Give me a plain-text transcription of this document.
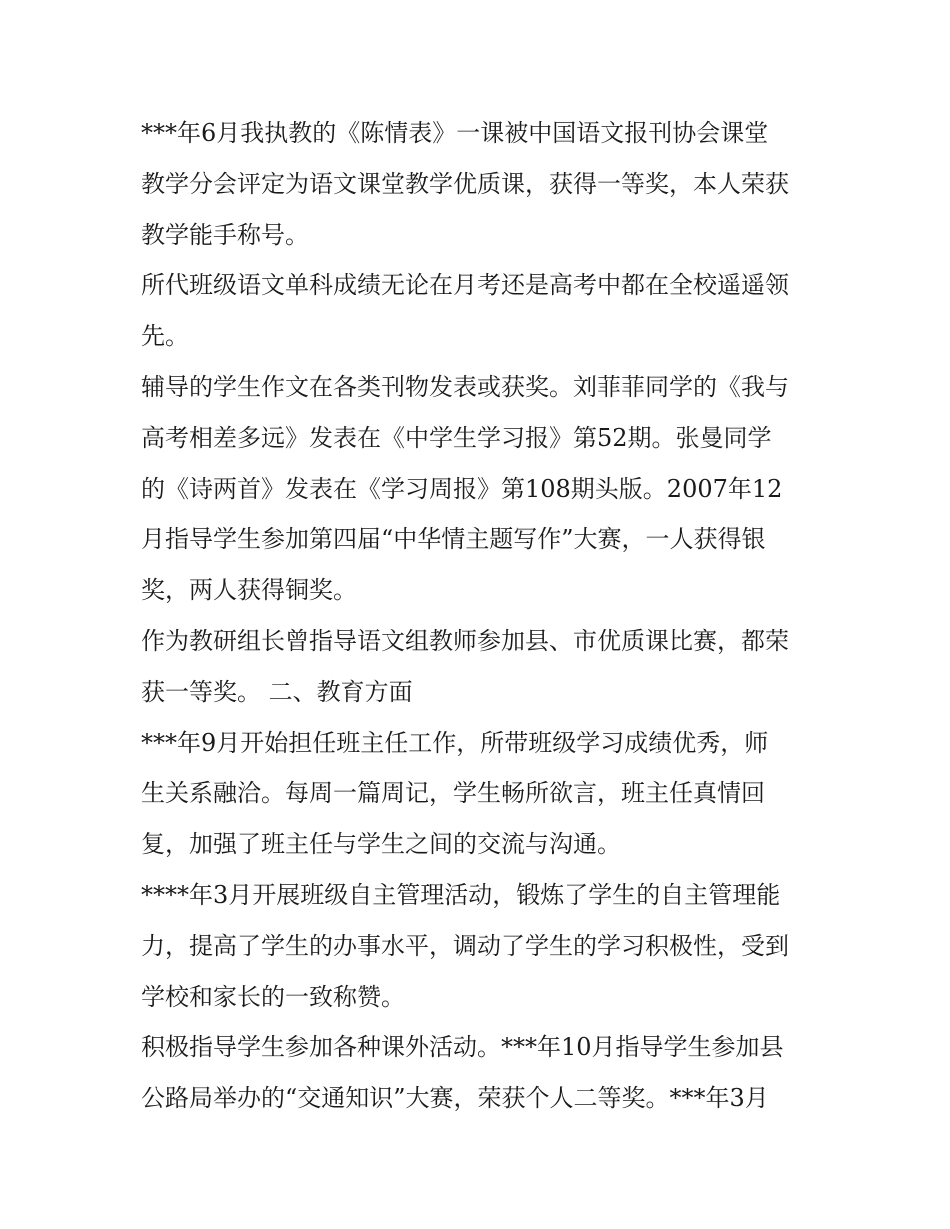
***年6月我执教的《陈情表》一课被中国语文报刊协会课堂
教学分会评定为语文课堂教学优质课，获得一等奖，本人荣获
教学能手称号。
所代班级语文单科成绩无论在月考还是高考中都在全校遥遥领
先。
辅导的学生作文在各类刊物发表或获奖。刘菲菲同学的《我与
高考相差多远》发表在《中学生学习报》第52期。张曼同学
的《诗两首》发表在《学习周报》第108期头版。2007年12
月指导学生参加第四届“中华情主题写作”大赛，一人获得银
奖，两人获得铜奖。
作为教研组长曾指导语文组教师参加县、市优质课比赛，都荣
获一等奖。 二、教育方面
***年9月开始担任班主任工作，所带班级学习成绩优秀，师
生关系融洽。每周一篇周记，学生畅所欲言，班主任真情回
复，加强了班主任与学生之间的交流与沟通。
****年3月开展班级自主管理活动，锻炼了学生的自主管理能
力，提高了学生的办事水平，调动了学生的学习积极性，受到
学校和家长的一致称赞。
积极指导学生参加各种课外活动。***年10月指导学生参加县
公路局举办的“交通知识”大赛，荣获个人二等奖。***年3月
